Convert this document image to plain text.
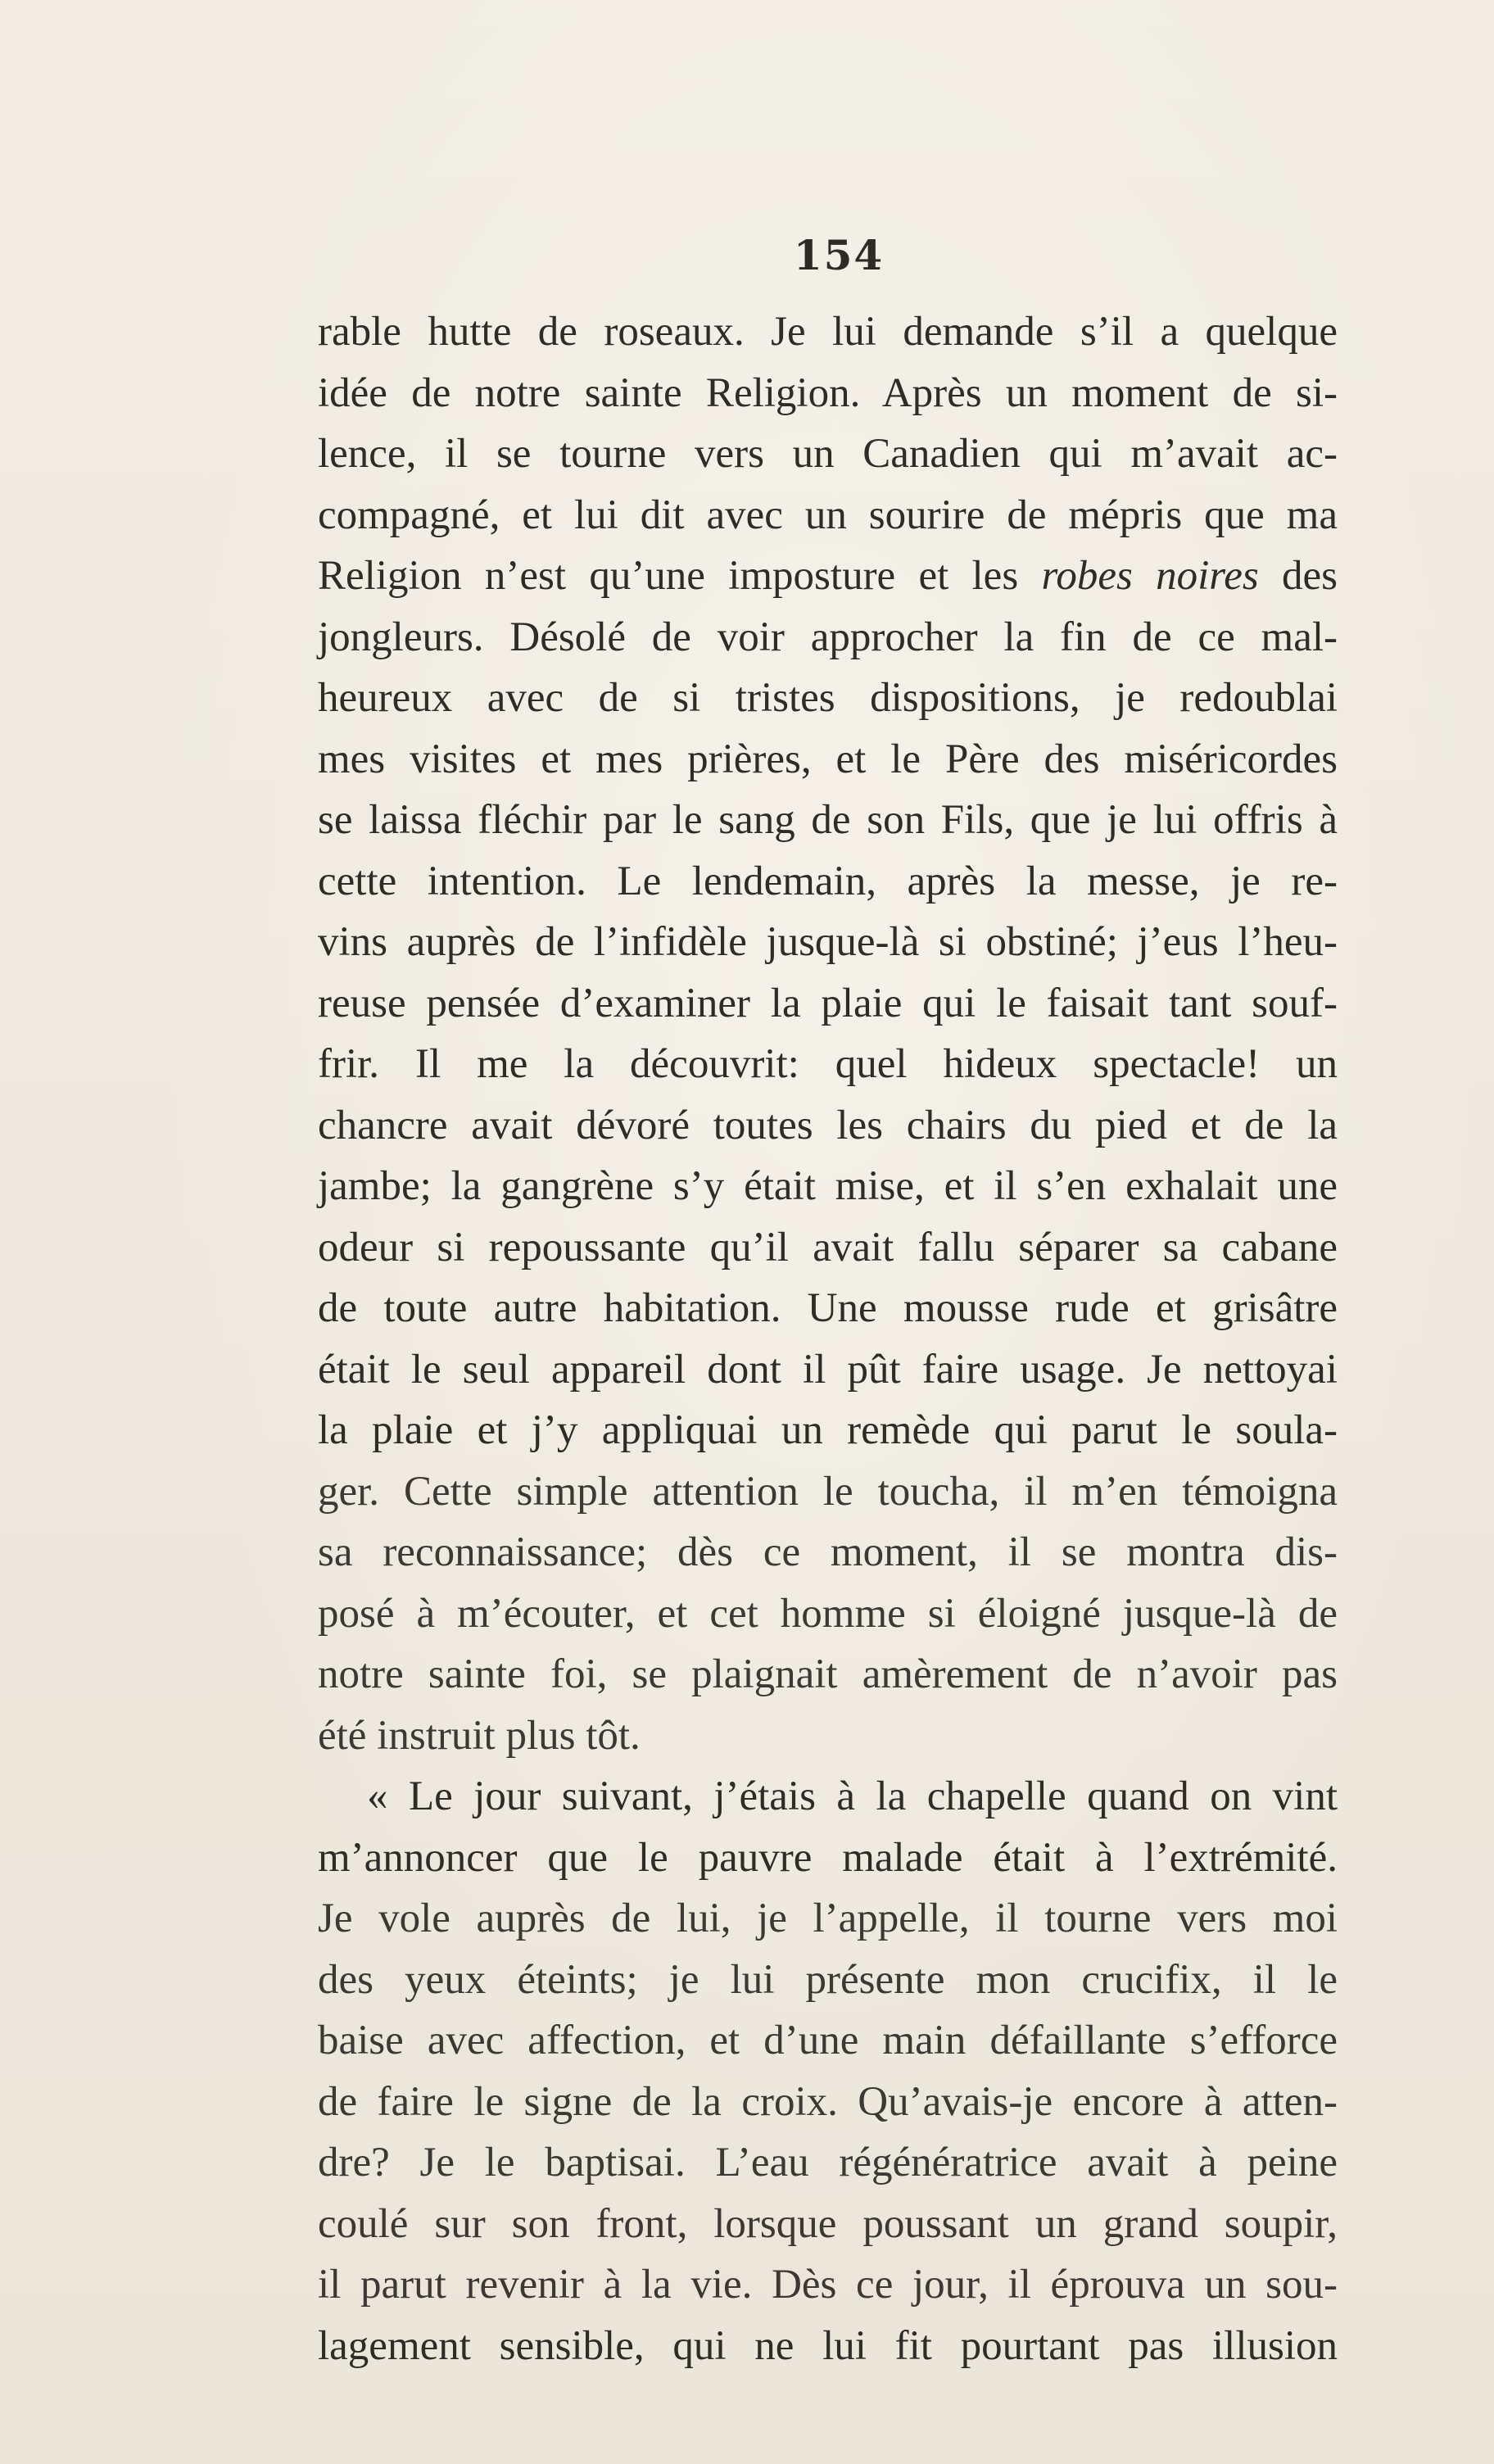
154
rable hutte de roseaux. Je lui demande s’il a quelque
idée de notre sainte Religion. Après un moment de si-
lence, il se tourne vers un Canadien qui m’avait ac-
compagné, et lui dit avec un sourire de mépris que ma
Religion n’est qu’une imposture et les robes noires des
jongleurs. Désolé de voir approcher la fin de ce mal-
heureux avec de si tristes dispositions, je redoublai
mes visites et mes prières, et le Père des miséricordes
se laissa fléchir par le sang de son Fils, que je lui offris à
cette intention. Le lendemain, après la messe, je re-
vins auprès de l’infidèle jusque-là si obstiné; j’eus l’heu-
reuse pensée d’examiner la plaie qui le faisait tant souf-
frir. Il me la découvrit: quel hideux spectacle! un
chancre avait dévoré toutes les chairs du pied et de la
jambe; la gangrène s’y était mise, et il s’en exhalait une
odeur si repoussante qu’il avait fallu séparer sa cabane
de toute autre habitation. Une mousse rude et grisâtre
était le seul appareil dont il pût faire usage. Je nettoyai
la plaie et j’y appliquai un remède qui parut le soula-
ger. Cette simple attention le toucha, il m’en témoigna
sa reconnaissance; dès ce moment, il se montra dis-
posé à m’écouter, et cet homme si éloigné jusque-là de
notre sainte foi, se plaignait amèrement de n’avoir pas
été instruit plus tôt.
« Le jour suivant, j’étais à la chapelle quand on vint
m’annoncer que le pauvre malade était à l’extrémité.
Je vole auprès de lui, je l’appelle, il tourne vers moi
des yeux éteints; je lui présente mon crucifix, il le
baise avec affection, et d’une main défaillante s’efforce
de faire le signe de la croix. Qu’avais-je encore à atten-
dre? Je le baptisai. L’eau régénératrice avait à peine
coulé sur son front, lorsque poussant un grand soupir,
il parut revenir à la vie. Dès ce jour, il éprouva un sou-
lagement sensible, qui ne lui fit pourtant pas illusion
